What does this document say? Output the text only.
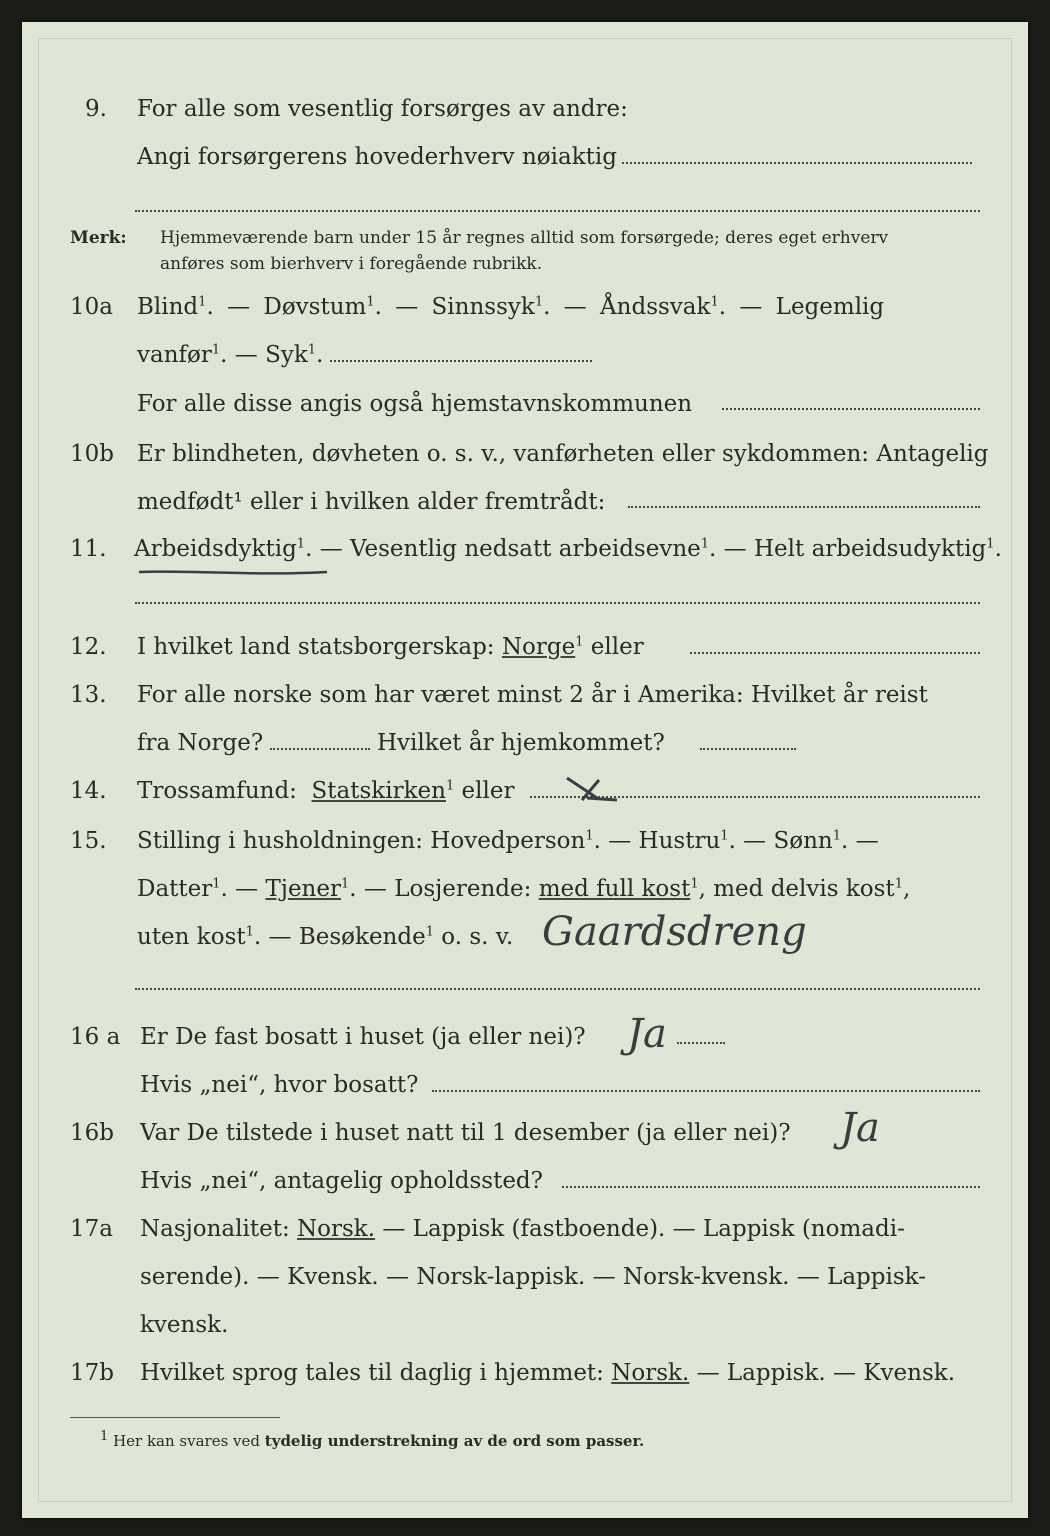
9. For alle som vesentlig forsørges av andre:
Angi forsørgerens hovederhverv nøiaktig
Merk: Hjemmeværende barn under 15 år regnes alltid som forsørgede; deres eget erhverv
anføres som bierhverv i foregående rubrikk.
10a Blind$^1$. — Døvstum$^1$. — Sinnssyk$^1$. — Åndssvak$^1$. — Legemlig
vanfør$^1$. — Syk$^1$.
For alle disse angis også hjemstavnskommunen
10b Er blindheten, døvheten o. s. v., vanførheten eller sykdommen: Antagelig
medfødt¹ eller i hvilken alder fremtrådt:
11. Arbeidsdyktig$^1$. — Vesentlig nedsatt arbeidsevne$^1$. — Helt arbeidsudyktig$^1$.
12. I hvilket land statsborgerskap: Norge$^1$ eller
13. For alle norske som har været minst 2 år i Amerika: Hvilket år reist
fra Norge?	Hvilket år hjemkommet?
14. Trossamfund: Statskirken$^1$ eller
15. Stilling i husholdningen: Hovedperson$^1$. — Hustru$^1$. — Sønn$^1$. —
Datter$^1$. — Tjener$^1$. — Losjerende: med full kost$^1$, med delvis kost$^1$,
uten kost$^1$. — Besøkende$^1$ o. s. v. Gaardsdreng
16 a Er De fast bosatt i huset (ja eller nei)? Ja
Hvis „nei“, hvor bosatt?
16b Var De tilstede i huset natt til 1 desember (ja eller nei)? Ja
Hvis „nei“, antagelig opholdssted?
17a Nasjonalitet: Norsk. — Lappisk (fastboende). — Lappisk (nomadi-
serende). — Kvensk. — Norsk-lappisk. — Norsk-kvensk. — Lappisk-
kvensk.
17b Hvilket sprog tales til daglig i hjemmet: Norsk. — Lappisk. — Kvensk.
1 Her kan svares ved tydelig understrekning av de ord som passer.
